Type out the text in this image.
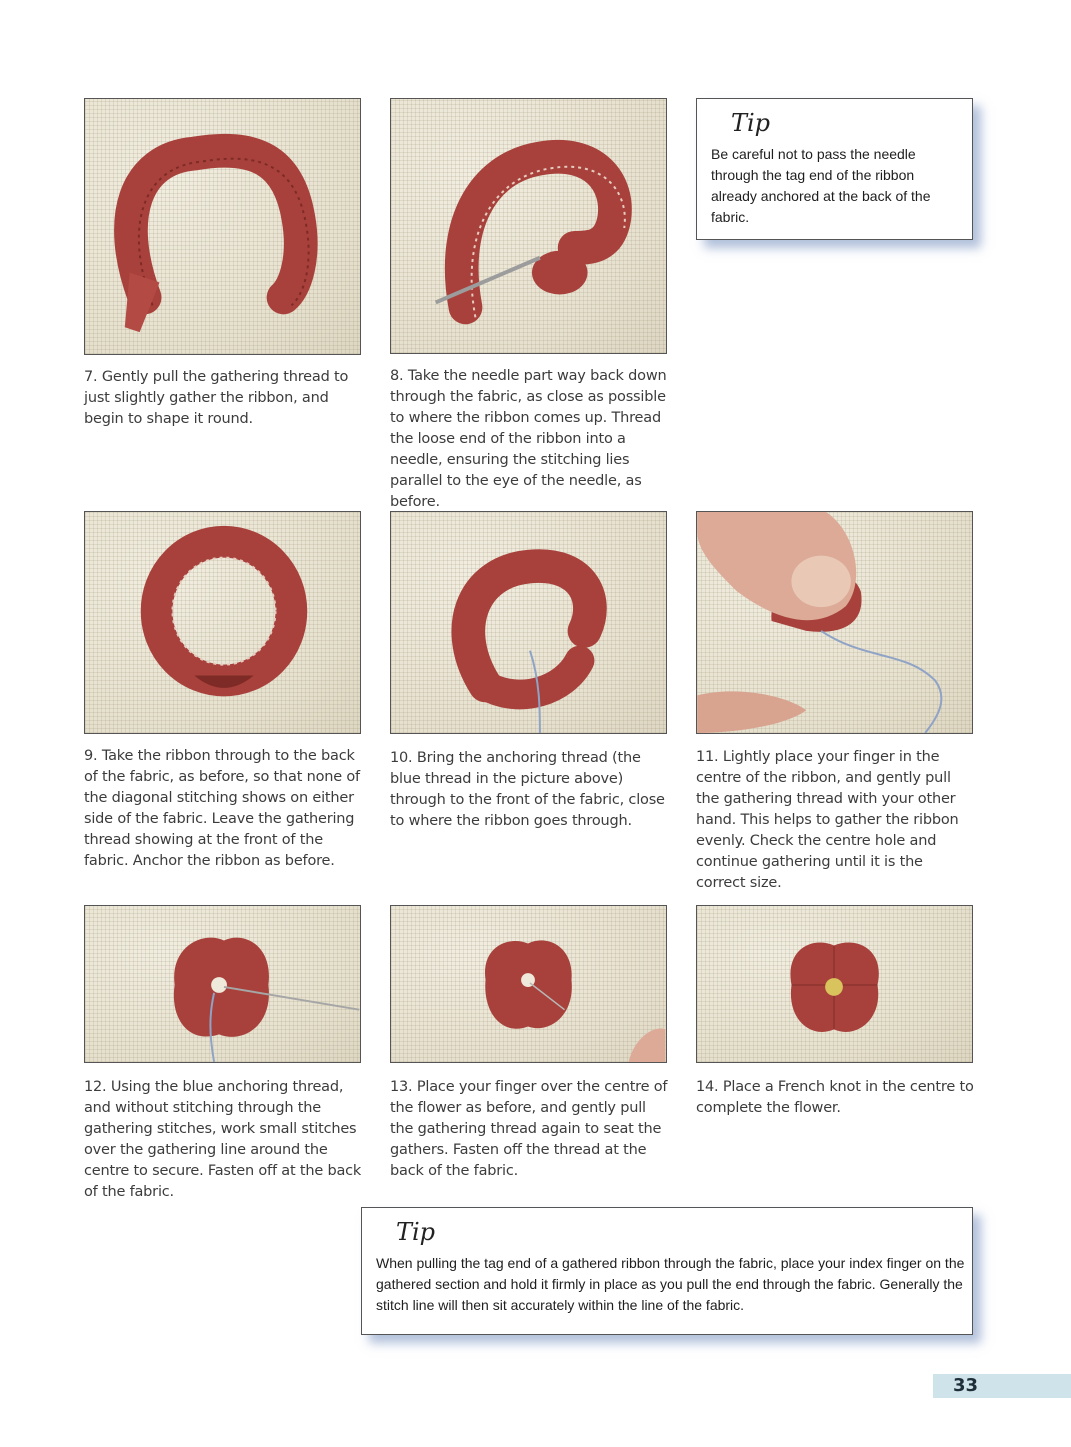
7. Gently pull the gathering thread to just slightly gather the ribbon, and begin to shape it round.
8. Take the needle part way back down through the fabric, as close as possible to where the ribbon comes up. Thread the loose end of the ribbon into a needle, ensuring the stitching lies parallel to the eye of the needle, as before.
Tip
Be careful not to pass the needle through the tag end of the ribbon already anchored at the back of the fabric.
9. Take the ribbon through to the back of the fabric, as before, so that none of the diagonal stitching shows on either side of the fabric. Leave the gathering thread showing at the front of the fabric. Anchor the ribbon as before.
10. Bring the anchoring thread (the blue thread in the picture above) through to the front of the fabric, close to where the ribbon goes through.
11. Lightly place your finger in the centre of the ribbon, and gently pull the gathering thread with your other hand. This helps to gather the ribbon evenly. Check the centre hole and continue gathering until it is the correct size.
12. Using the blue anchoring thread, and without stitching through the gathering stitches, work small stitches over the gathering line around the centre to secure. Fasten off at the back of the fabric.
13. Place your finger over the centre of the flower as before, and gently pull the gathering thread again to seat the gathers. Fasten off the thread at the back of the fabric.
14. Place a French knot in the centre to complete the flower.
Tip
When pulling the tag end of a gathered ribbon through the fabric, place your index finger on the gathered section and hold it firmly in place as you pull the end through the fabric. Generally the stitch line will then sit accurately within the line of the fabric.
33
